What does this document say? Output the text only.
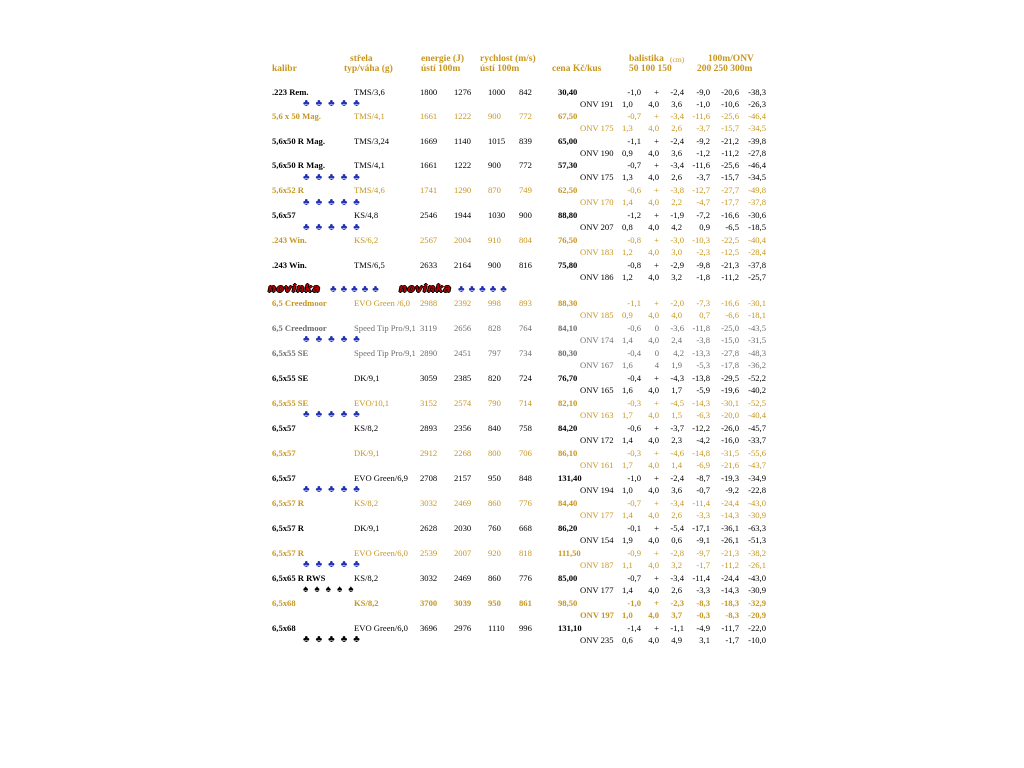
střela
kalibr	typ/váha (g)
energie (J)
ústí 100m
rychlost (m/s)
ústí 100m	cena Kč/kus
balistika (cm)
50 100 150
100m/ONV
200 250 300m
.223 Rem.	TMS/3,6	1800 1276 1000 842	30,40	-1,0	+	-2,4	-9,0	-20,6	-38,3
ONV 191 1,0	4,0	3,6	-1,0	-10,6	-26,3
5,6 x 50 Mag.	TMS/4,1	1661 1222 900 772	67,50	-0,7	+	-3,4 -11,6	-25,6	-46,4
ONV 175 1,3	4,0	2,6	-3,7	-15,7	-34,5
5,6x50 R Mag.	TMS/3,24	1669 1140 1015 839	65,00	-1,1	+	-2,4	-9,2	-21,2	-39,8
ONV 190 0,9	4,0	3,6	-1,2	-11,2	-27,8
5,6x50 R Mag.	TMS/4,1	1661 1222 900 772	57,30	-0,7	+	-3,4 -11,6	-25,6	-46,4
ONV 175 1,3	4,0	2,6	-3,7	-15,7	-34,5
5,6x52 R	TMS/4,6	1741 1290 870 749	62,50	-0,6	+	-3,8 -12,7	-27,7	-49,8
ONV 170 1,4	4,0	2,2	-4,7	-17,7	-37,8
5,6x57	KS/4,8	2546 1944 1030 900	88,80	-1,2	+	-1,9	-7,2	-16,6	-30,6
ONV 207 0,8	4,0	4,2	0,9	-6,5	-18,5
.243 Win.	KS/6,2	2567 2004 910 804	76,50	-0,8	+	-3,0 -10,3	-22,5	-40,4
ONV 183 1,2	4,0	3,0	-2,3	-12,5	-28,4
.243 Win.	TMS/6,5	2633 2164 900 816	75,80	-0,8	+	-2,9	-9,8	-21,3	-37,8
ONV 186 1,2	4,0	3,2	-1,8	-11,2	-25,7
6,5 Creedmoor	EVO Green /6,0 2988 2392 998 893	88,30	-1,1	+	-2,0	-7,3	-16,6	-30,1
ONV 185 0,9	4,0	4,0	0,7	-6,6	-18,1
6,5 Creedmoor	Speed Tip Pro/9,1 3119 2656 828 764	84,10	-0,6	0	-3,6 -11,8	-25,0	-43,5
ONV 174 1,4	4,0	2,4	-3,8	-15,0	-31,5
6,5x55 SE	Speed Tip Pro/9,1 2890 2451 797 734	80,30	-0,4	0	4,2 -13,3	-27,8	-48,3
ONV 167 1,6	4	1,9	-5,3	-17,8	-36,2
6,5x55 SE	DK/9,1	3059 2385 820 724	76,70	-0,4	+	-4,3 -13,8	-29,5	-52,2
ONV 165 1,6	4,0	1,7	-5,9	-19,6	-40,2
6,5x55 SE	EVO/10,1	3152 2574 790 714	82,10	-0,3	+	-4,5 -14,3	-30,1	-52,5
ONV 163 1,7	4,0	1,5	-6,3	-20,0	-40,4
6,5x57	KS/8,2	2893 2356 840 758	84,20	-0,6	+	-3,7 -12,2	-26,0	-45,7
ONV 172 1,4	4,0	2,3	-4,2	-16,0	-33,7
6,5x57	DK/9,1	2912 2268 800 706	86,10	-0,3	+	-4,6 -14,8	-31,5	-55,6
ONV 161 1,7	4,0	1,4	-6,9	-21,6	-43,7
6,5x57	EVO Green/6,9 2708 2157 950 848	131,40	-1,0	+	-2,4	-8,7	-19,3	-34,9
ONV 194 1,0	4,0	3,6	-0,7	-9,2	-22,8
6,5x57 R	KS/8,2	3032 2469 860 776	84,40	-0,7	+	-3,4 -11,4	-24,4	-43,0
ONV 177 1,4	4,0	2,6	-3,3	-14,3	-30,9
6,5x57 R	DK/9,1	2628 2030 760 668	86,20	-0,1	+	-5,4 -17,1	-36,1	-63,3
ONV 154 1,9	4,0	0,6	-9,1	-26,1	-51,3
6,5x57 R	EVO Green/6,0 2539 2007 920 818	111,50	-0,9	+	-2,8	-9,7	-21,3	-38,2
ONV 187 1,1	4,0	3,2	-1,7	-11,2	-26,1
6,5x65 R RWS	KS/8,2	3032 2469 860 776	85,00	-0,7	+	-3,4 -11,4	-24,4	-43,0
ONV 177 1,4	4,0	2,6	-3,3	-14,3	-30,9
6,5x68	KS/8,2	3700 3039 950 861	98,50	-1,0	+	-2,3	-8,3	-18,3	-32,9
ONV 197 1,0	4,0	3,7	-0,3	-8,3	-20,9
6,5x68	EVO Green/6,0 3696 2976 1110 996	131,10	-1,4	+	-1,1	-4,9	-11,7	-22,0
ONV 235 0,6	4,0	4,9	3,1	-1,7	-10,0
♣♣♣♣♣
♣♣♣♣♣
♣♣♣♣♣
♣♣♣♣♣
♣♣♣♣♣
♣♣♣♣♣
♣♣♣♣♣
♣♣♣♣♣
♠♠♠♠♠
♣♣♣♣♣
novinka	novinka
♣♣♣♣♣	♣♣♣♣♣
